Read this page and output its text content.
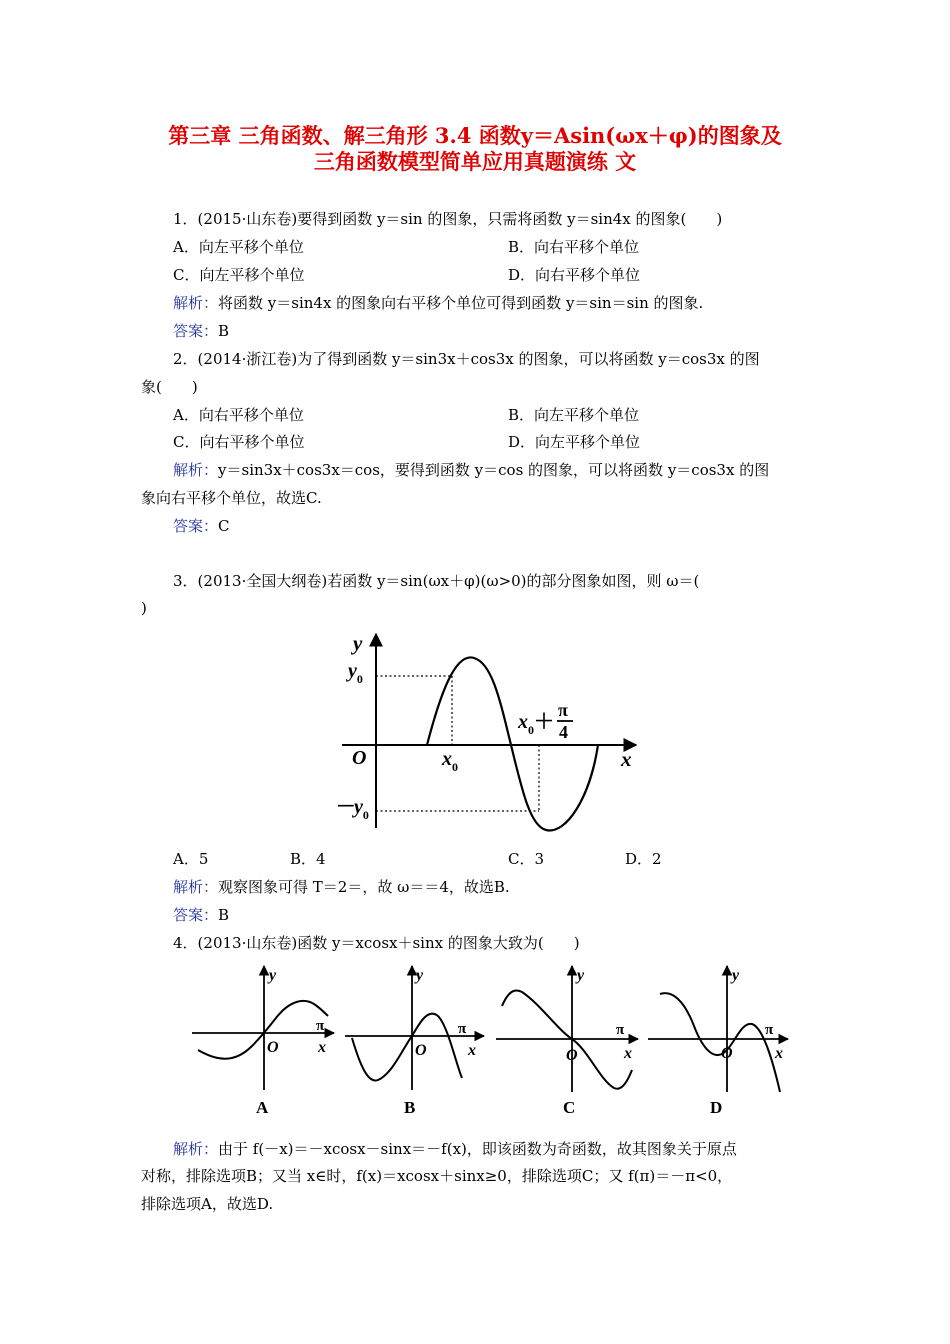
第三章 三角函数、解三角形 3.4 函数y＝Asin(ωx＋φ)的图象及
三角函数模型简单应用真题演练 文
1．(2015·山东卷)要得到函数 y＝sin 的图象，只需将函数 y＝sin4x 的图象(　　)
A．向左平移个单位	B．向右平移个单位
C．向左平移个单位	D．向右平移个单位
解析：将函数 y＝sin4x 的图象向右平移个单位可得到函数 y＝sin＝sin 的图象.
答案：B
2．(2014·浙江卷)为了得到函数 y＝sin3x＋cos3x 的图象，可以将函数 y＝cos3x 的图
象(　　)
A．向右平移个单位	B．向左平移个单位
C．向右平移个单位	D．向左平移个单位
解析：y＝sin3x＋cos3x＝cos，要得到函数 y＝cos 的图象，可以将函数 y＝cos3x 的图
象向右平移个单位，故选C.
答案：C
3．(2013·全国大纲卷)若函数 y＝sin(ωx＋φ)(ω>0)的部分图象如图，则 ω＝(
)
y
x
O
$y_0$
$-y_0$
$x_0$
$x_0+$
π
4
A．5	B．4	C．3	D．2
解析：观察图象可得 T＝2＝，故 ω＝＝4，故选B.
答案：B
4．(2013·山东卷)函数 y＝xcosx＋sinx 的图象大致为(　　)
y
x
O
π
A
y
x
O
π
B
y
x
O
π
C
y
x
O
π
D
解析：由于 f(－x)＝－xcosx－sinx＝－f(x)，即该函数为奇函数，故其图象关于原点
对称，排除选项B；又当 x∈时，f(x)＝xcosx＋sinx≥0，排除选项C；又 f(π)＝－π<0，
排除选项A，故选D.
